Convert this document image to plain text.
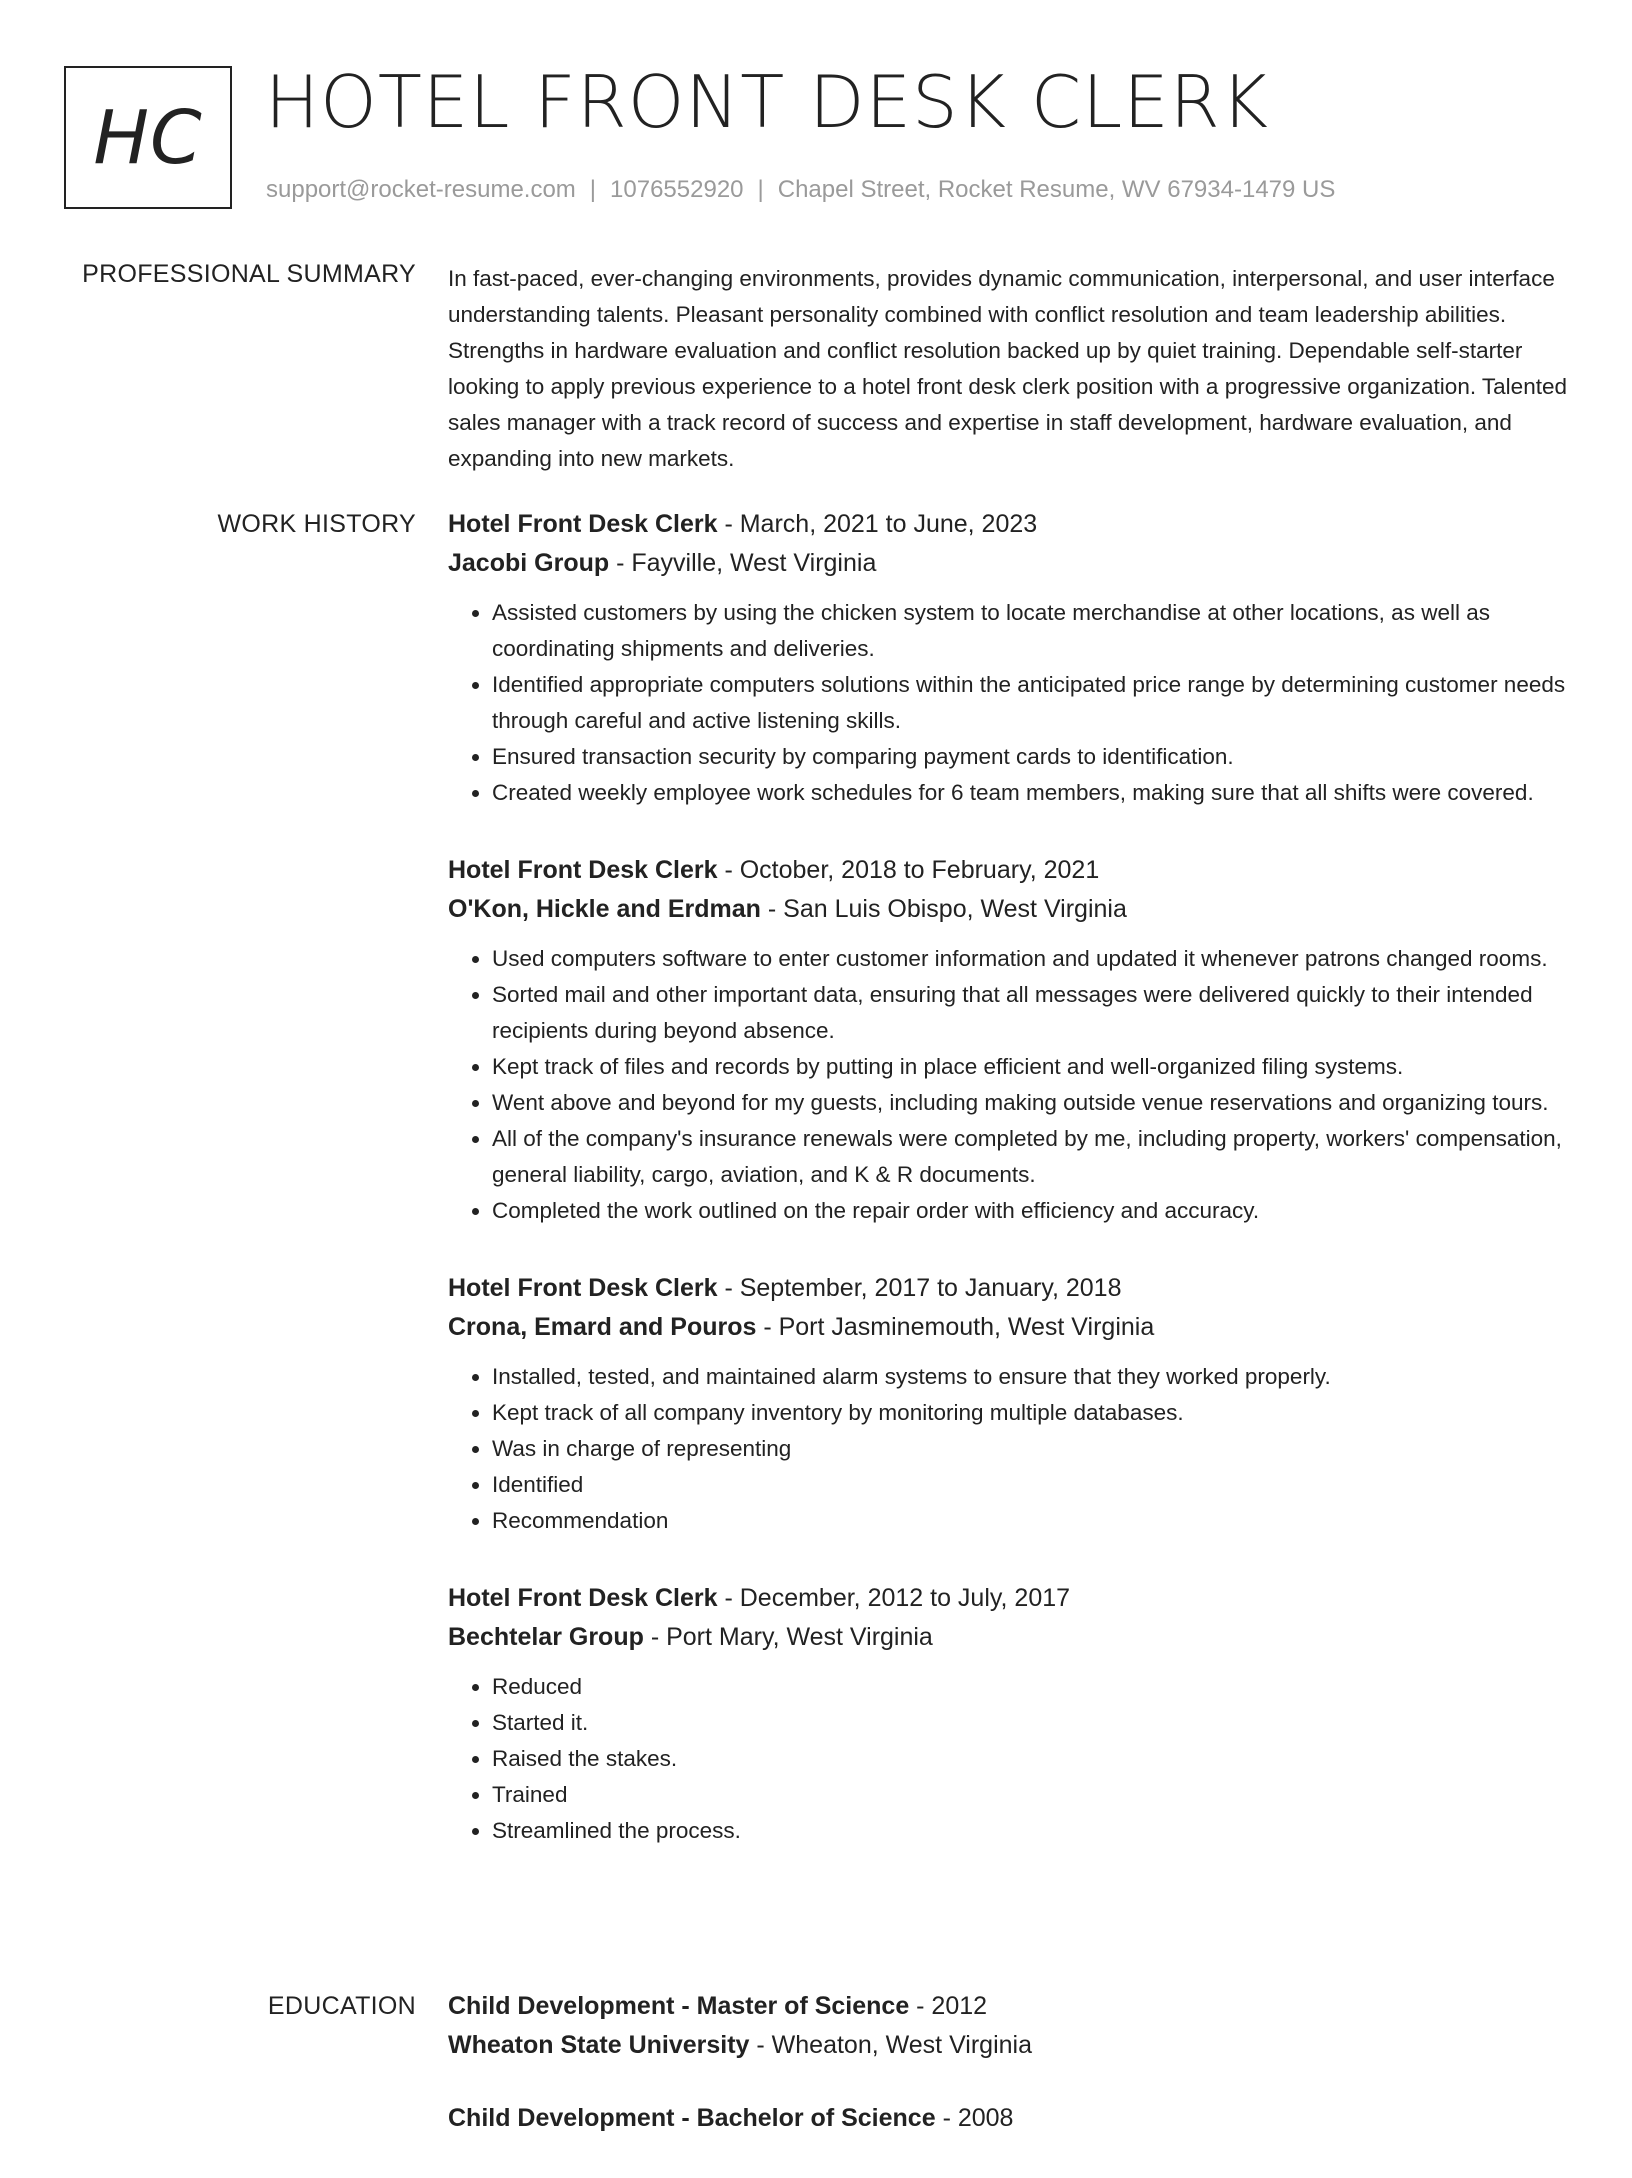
HC HOTEL FRONT DESK CLERK
support@rocket-resume.com | 1076552920 | Chapel Street, Rocket Resume, WV 67934-1479 US
PROFESSIONAL SUMMARY In fast-paced, ever-changing environments, provides dynamic communication, interpersonal, and user interface understanding talents. Pleasant personality combined with conflict resolution and team leadership abilities. Strengths in hardware evaluation and conflict resolution backed up by quiet training. Dependable self-starter looking to apply previous experience to a hotel front desk clerk position with a progressive organization. Talented sales manager with a track record of success and expertise in staff development, hardware evaluation, and expanding into new markets.

WORK HISTORY Hotel Front Desk Clerk - March, 2021 to June, 2023
Jacobi Group - Fayville, West Virginia
• Assisted customers by using the chicken system to locate merchandise at other locations, as well as coordinating shipments and deliveries.
• Identified appropriate computers solutions within the anticipated price range by determining customer needs through careful and active listening skills.
• Ensured transaction security by comparing payment cards to identification.
• Created weekly employee work schedules for 6 team members, making sure that all shifts were covered.
Hotel Front Desk Clerk - October, 2018 to February, 2021
O'Kon, Hickle and Erdman - San Luis Obispo, West Virginia
• Used computers software to enter customer information and updated it whenever patrons changed rooms.
• Sorted mail and other important data, ensuring that all messages were delivered quickly to their intended recipients during beyond absence.
• Kept track of files and records by putting in place efficient and well-organized filing systems.
• Went above and beyond for my guests, including making outside venue reservations and organizing tours.
• All of the company's insurance renewals were completed by me, including property, workers' compensation, general liability, cargo, aviation, and K & R documents.
• Completed the work outlined on the repair order with efficiency and accuracy.
Hotel Front Desk Clerk - September, 2017 to January, 2018
Crona, Emard and Pouros - Port Jasminemouth, West Virginia
• Installed, tested, and maintained alarm systems to ensure that they worked properly.
• Kept track of all company inventory by monitoring multiple databases.
• Was in charge of representing
• Identified
• Recommendation
Hotel Front Desk Clerk - December, 2012 to July, 2017
Bechtelar Group - Port Mary, West Virginia
• Reduced
• Started it.
• Raised the stakes.
• Trained
• Streamlined the process.
EDUCATION Child Development - Master of Science - 2012
Wheaton State University - Wheaton, West Virginia
Child Development - Bachelor of Science - 2008
